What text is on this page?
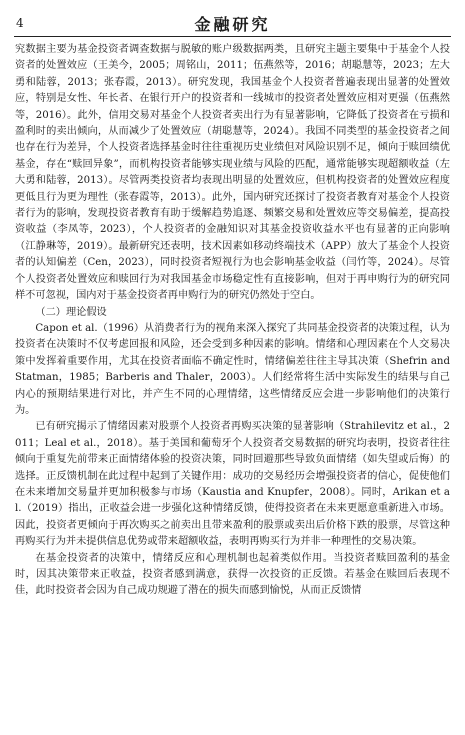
4	金融研究

究数据主要为基金投资者调查数据与脱敏的账户级数据两类，且研究主题主要集中于基金个人投资者的处置效应（王美今，2005；周铭山，2011；伍燕然等，2016；胡聪慧等，2023；左大勇和陆蓉，2013；张春霞，2013）。研究发现，我国基金个人投资者普遍表现出显著的处置效应，特别是女性、年长者、在银行开户的投资者和一线城市的投资者处置效应相对更强（伍燕然等，2016）。此外，信用交易对基金个人投资者卖出行为有显著影响，它降低了投资者在亏损和盈利时的卖出倾向，从而减少了处置效应（胡聪慧等，2024）。我国不同类型的基金投资者之间也存在行为差异，个人投资者选择基金时往往重视历史业绩但对风险识别不足，倾向于赎回绩优基金，存在“赎回异象”，而机构投资者能够实现业绩与风险的匹配，通常能够实现超额收益（左大勇和陆蓉，2013）。尽管两类投资者均表现出明显的处置效应，但机构投资者的处置效应程度更低且行为更为理性（张春霞等，2013）。此外，国内研究还探讨了投资者教育对基金个人投资者行为的影响，发现投资者教育有助于缓解趋势追逐、频繁交易和处置效应等交易偏差，提高投资收益（李凤等，2023），个人投资者的金融知识对其基金投资收益水平也有显著的正向影响（江静琳等，2019）。最新研究还表明，技术因素如移动终端技术（APP）放大了基金个人投资者的认知偏差（Cen，2023），同时投资者短视行为也会影响基金收益（闫竹等，2024）。尽管个人投资者处置效应和赎回行为对我国基金市场稳定性有直接影响，但对于再申购行为的研究同样不可忽视，国内对于基金投资者再申购行为的研究仍然处于空白。

（二）理论假设

Capon et al.（1996）从消费者行为的视角来深入探究了共同基金投资者的决策过程，认为投资者在决策时不仅考虑回报和风险，还会受到多种因素的影响。情绪和心理因素在个人交易决策中发挥着重要作用，尤其在投资者面临不确定性时，情绪偏差往往主导其决策（Shefrin and Statman，1985；Barberis and Thaler，2003）。人们经常将生活中实际发生的结果与自己内心的预期结果进行对比，并产生不同的心理情绪，这些情绪反应会进一步影响他们的决策行为。

已有研究揭示了情绪因素对股票个人投资者再购买决策的显著影响（Strahilevitz et al.，2011；Leal et al.，2018）。基于美国和葡萄牙个人投资者交易数据的研究均表明，投资者往往倾向于重复先前带来正面情绪体验的投资决策，同时回避那些导致负面情绪（如失望或后悔）的选择。正反馈机制在此过程中起到了关键作用：成功的交易经历会增强投资者的信心，促使他们在未来增加交易量并更加积极参与市场（Kaustia and Knupfer，2008）。同时，Arikan et al.（2019）指出，正收益会进一步强化这种情绪反馈，使得投资者在未来更愿意重新进入市场。因此，投资者更倾向于再次购买之前卖出且带来盈利的股票或卖出后价格下跌的股票，尽管这种再购买行为并未提供信息优势或带来超额收益，表明再购买行为并非一种理性的交易决策。

在基金投资者的决策中，情绪反应和心理机制也起着类似作用。当投资者赎回盈利的基金时，因其决策带来正收益，投资者感到满意，获得一次投资的正反馈。若基金在赎回后表现不佳，此时投资者会因为自己成功规避了潜在的损失而感到愉悦，从而正反馈情
